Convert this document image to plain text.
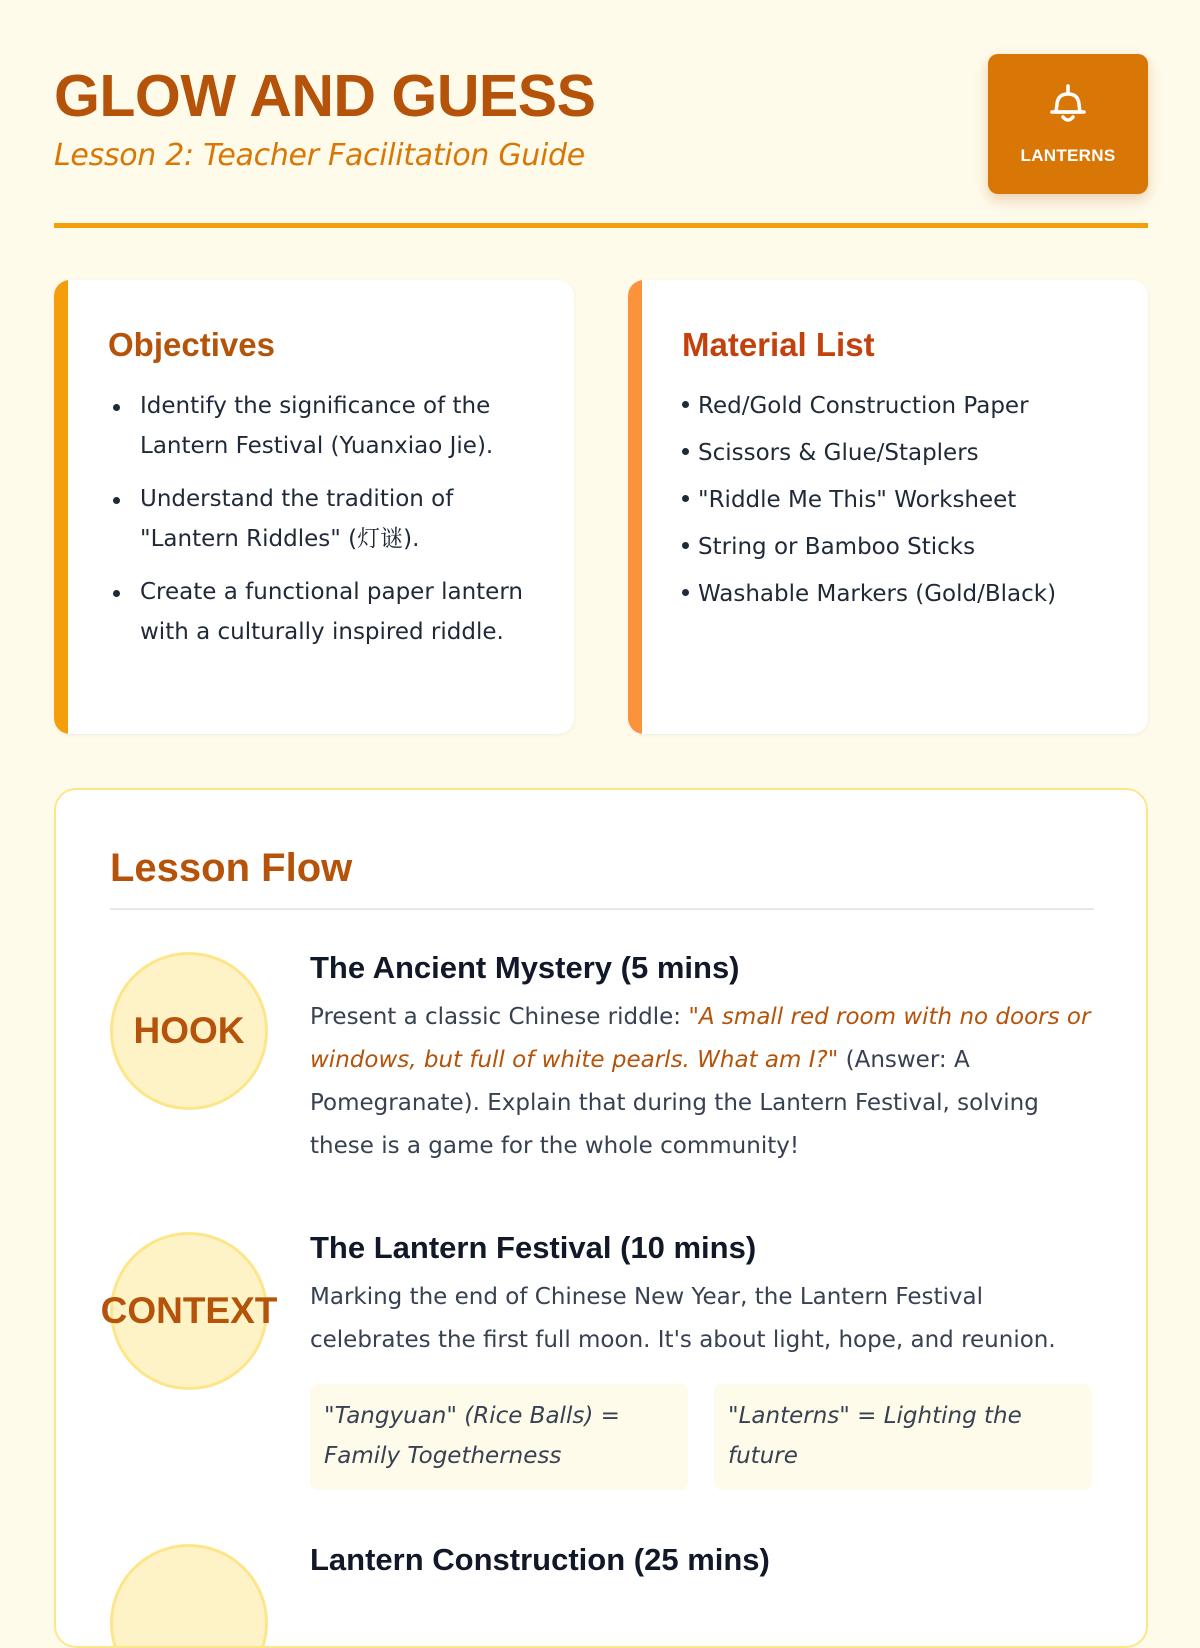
GLOW AND GUESS
Lesson 2: Teacher Facilitation Guide	LANTERNS
Objectives
Identify the significance of the Lantern Festival (Yuanxiao Jie).
Understand the tradition of "Lantern Riddles" (灯谜).
Create a functional paper lantern with a culturally inspired riddle.
Material List
Red/Gold Construction Paper
Scissors & Glue/Staplers
"Riddle Me This" Worksheet
String or Bamboo Sticks
Washable Markers (Gold/Black)
Lesson Flow
HOOK
The Ancient Mystery (5 mins)

Present a classic Chinese riddle: "A small red room with no doors or windows, but full of white pearls. What am I?" (Answer: A Pomegranate). Explain that during the Lantern Festival, solving these is a game for the whole community!

CONTEXT
The Lantern Festival (10 mins)

Marking the end of Chinese New Year, the Lantern Festival celebrates the first full moon. It's about light, hope, and reunion.

"Tangyuan" (Rice Balls) = Family Togetherness
"Lanterns" = Lighting the future
Lantern Construction (25 mins)
